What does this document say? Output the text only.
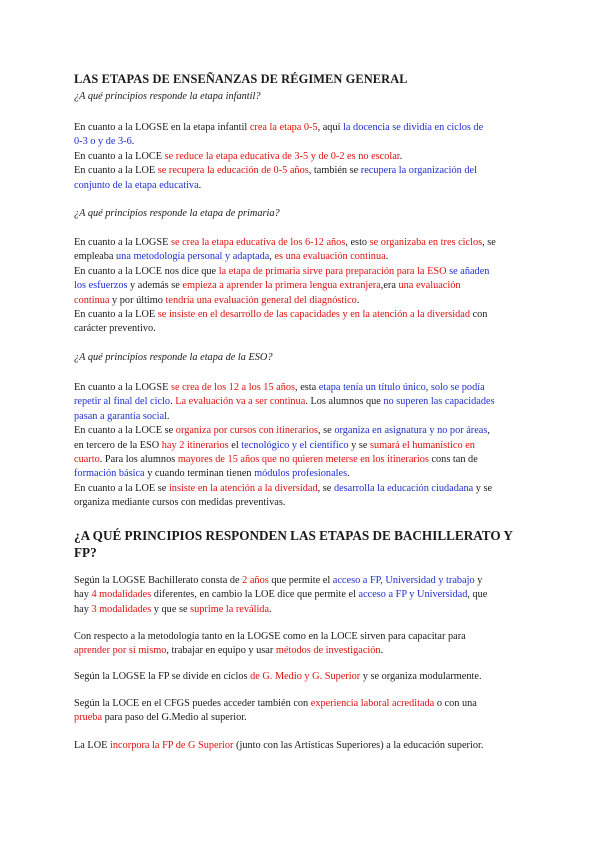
LAS ETAPAS DE ENSEÑANZAS DE RÉGIMEN GENERAL
¿A qué principios responde la etapa infantil?
En cuanto a la LOGSE en la etapa infantil crea la etapa 0-5, aquí la docencia se dividía en ciclos de
0-3 o y de 3-6.
En cuanto a la LOCE se reduce la etapa educativa de 3-5 y de 0-2 es no escolar.
En cuanto a la LOE se recupera la educación de 0-5 años, también se recupera la organización del
conjunto de la etapa educativa.
¿A qué principios responde la etapa de primaria?
En cuanto a la LOGSE se crea la etapa educativa de los 6-12 años, esto se organizaba en tres ciclos, se
empleaba una metodología personal y adaptada, es una evaluación continua.
En cuanto a la LOCE nos dice que la etapa de primaria sirve para preparación para la ESO se añaden
los esfuerzos y además se empieza a aprender la primera lengua extranjera,era una evaluación
continua y por último tendría una evaluación general del diagnóstico.
En cuanto a la LOE se insiste en el desarrollo de las capacidades y en la atención a la diversidad con
carácter preventivo.
¿A qué principios responde la etapa de la ESO?
En cuanto a la LOGSE se crea de los 12 a los 15 años, esta etapa tenía un título único, solo se podía
repetir al final del ciclo. La evaluación va a ser continua. Los alumnos que no superen las capacidades
pasan a garantía social.
En cuanto a la LOCE se organiza por cursos con itinerarios, se organiza en asignatura y no por áreas,
en tercero de la ESO hay 2 itinerarios el tecnológico y el científico y se sumará el humanístico en
cuarto. Para los alumnos mayores de 15 años que no quieren meterse en los itinerarios cons tan de
formación básica y cuando terminan tienen módulos profesionales.
En cuanto a la LOE se insiste en la atención a la diversidad, se desarrolla la educación ciudadana y se
organiza mediante cursos con medidas preventivas.
¿A QUÉ PRINCIPIOS RESPONDEN LAS ETAPAS DE BACHILLERATO Y
FP?
Según la LOGSE Bachillerato consta de 2 años que permite el acceso a FP, Universidad y trabajo y
hay 4 modalidades diferentes, en cambio la LOE dice que permite el acceso a FP y Universidad, que
hay 3 modalidades y que se suprime la reválida.
Con respecto a la metodología tanto en la LOGSE como en la LOCE sirven para capacitar para
aprender por sí mismo, trabajar en equipo y usar métodos de investigación.
Según la LOGSE la FP se divide en ciclos de G. Medio y G. Superior y se organiza modularmente.
Según la LOCE en el CFGS puedes acceder también con experiencia laboral acreditada o con una
prueba para paso del G.Medio al superior.
La LOE incorpora la FP de G Superior (junto con las Artísticas Superiores) a la educación superior.
